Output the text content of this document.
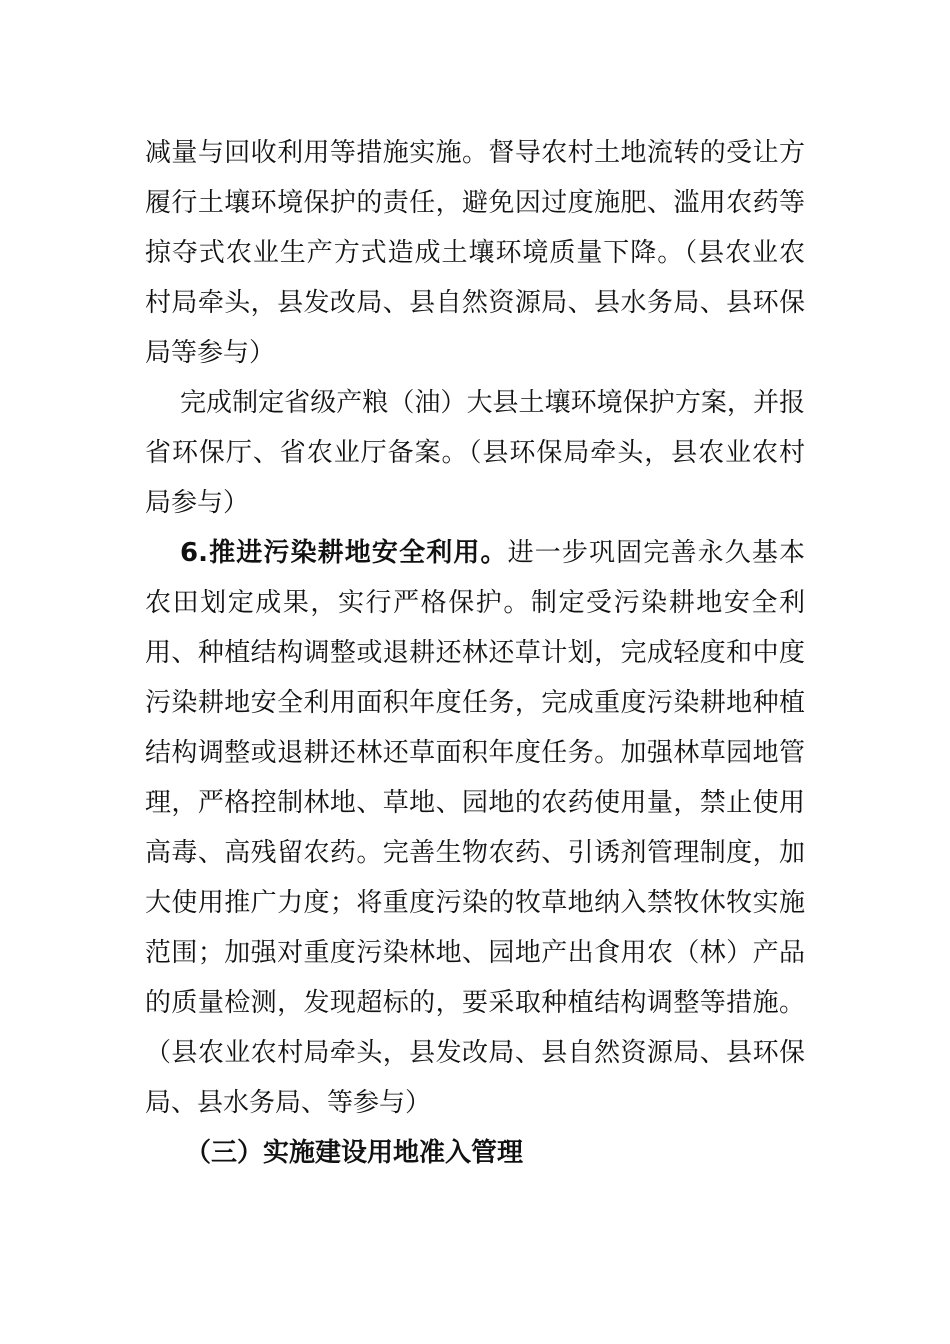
减量与回收利用等措施实施。督导农村土地流转的受让方履行土壤环境保护的责任，避免因过度施肥、滥用农药等掠夺式农业生产方式造成土壤环境质量下降。（县农业农村局牵头，县发改局、县自然资源局、县水务局、县环保局等参与）

完成制定省级产粮（油）大县土壤环境保护方案，并报省环保厅、省农业厅备案。（县环保局牵头，县农业农村局参与）

6.推进污染耕地安全利用。进一步巩固完善永久基本农田划定成果，实行严格保护。制定受污染耕地安全利用、种植结构调整或退耕还林还草计划，完成轻度和中度污染耕地安全利用面积年度任务，完成重度污染耕地种植结构调整或退耕还林还草面积年度任务。加强林草园地管理，严格控制林地、草地、园地的农药使用量，禁止使用高毒、高残留农药。完善生物农药、引诱剂管理制度，加大使用推广力度；将重度污染的牧草地纳入禁牧休牧实施范围；加强对重度污染林地、园地产出食用农（林）产品的质量检测，发现超标的，要采取种植结构调整等措施。（县农业农村局牵头，县发改局、县自然资源局、县环保局、县水务局、等参与）

（三）实施建设用地准入管理
